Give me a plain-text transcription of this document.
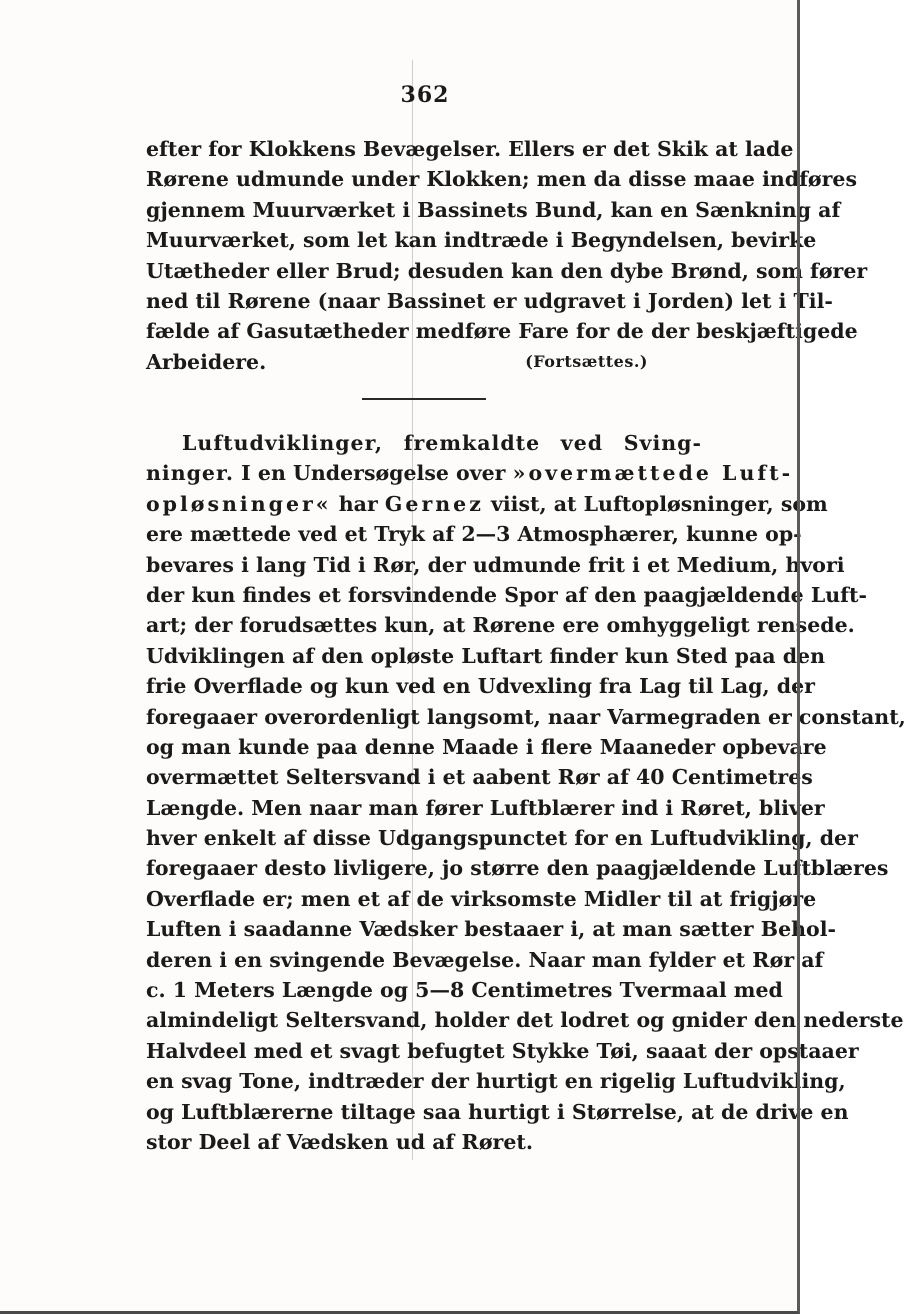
362
efter for Klokkens Bevægelser. Ellers er det Skik at lade
Rørene udmunde under Klokken; men da disse maae indføres
gjennem Muurværket i Bassinets Bund, kan en Sænkning af
Muurværket, som let kan indtræde i Begyndelsen, bevirke
Utætheder eller Brud; desuden kan den dybe Brønd, som fører
ned til Rørene (naar Bassinet er udgravet i Jorden) let i Til-
fælde af Gasutætheder medføre Fare for de der beskjæftigede
Arbeidere.	(Fortsættes.)
Luftudviklinger, fremkaldte ved Sving-
ninger. I en Undersøgelse over »overmættede Luft-
opløsninger« har Gernez viist, at Luftopløsninger, som
ere mættede ved et Tryk af 2—3 Atmosphærer, kunne op-
bevares i lang Tid i Rør, der udmunde frit i et Medium, hvori
der kun findes et forsvindende Spor af den paagjældende Luft-
art; der forudsættes kun, at Rørene ere omhyggeligt rensede.
Udviklingen af den opløste Luftart finder kun Sted paa den
frie Overflade og kun ved en Udvexling fra Lag til Lag, der
foregaaer overordenligt langsomt, naar Varmegraden er constant,
og man kunde paa denne Maade i flere Maaneder opbevare
overmættet Seltersvand i et aabent Rør af 40 Centimetres
Længde. Men naar man fører Luftblærer ind i Røret, bliver
hver enkelt af disse Udgangspunctet for en Luftudvikling, der
foregaaer desto livligere, jo større den paagjældende Luftblæres
Overflade er; men et af de virksomste Midler til at frigjøre
Luften i saadanne Vædsker bestaaer i, at man sætter Behol-
deren i en svingende Bevægelse. Naar man fylder et Rør af
c. 1 Meters Længde og 5—8 Centimetres Tvermaal med
almindeligt Seltersvand, holder det lodret og gnider den nederste
Halvdeel med et svagt befugtet Stykke Tøi, saaat der opstaaer
en svag Tone, indtræder der hurtigt en rigelig Luftudvikling,
og Luftblærerne tiltage saa hurtigt i Størrelse, at de drive en
stor Deel af Vædsken ud af Røret.
